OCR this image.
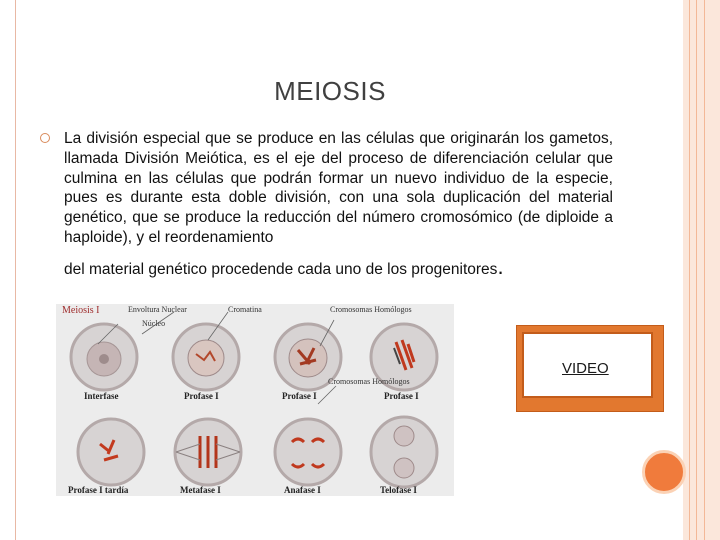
MEIOSIS
La división especial que se produce en las células que originarán los gametos, llamada División Meiótica, es el eje del proceso de diferenciación celular que culmina en las células que podrán formar un nuevo individuo de la especie, pues es durante esta doble división, con una sola duplicación del material genético, que se produce la reducción del número cromosómico (de diploide a haploide), y el reordenamiento
del material genético procedende cada uno de los progenitores.
Meiosis I	Envoltura Nuclear
Núcleo
Cromatina	Cromosomas Homólogos
Cromosomas Homólogos
Interfase	Profase I	Profase I	Profase I
Profase I tardía	Metafase I	Anafase I	Telofase I
VIDEO
